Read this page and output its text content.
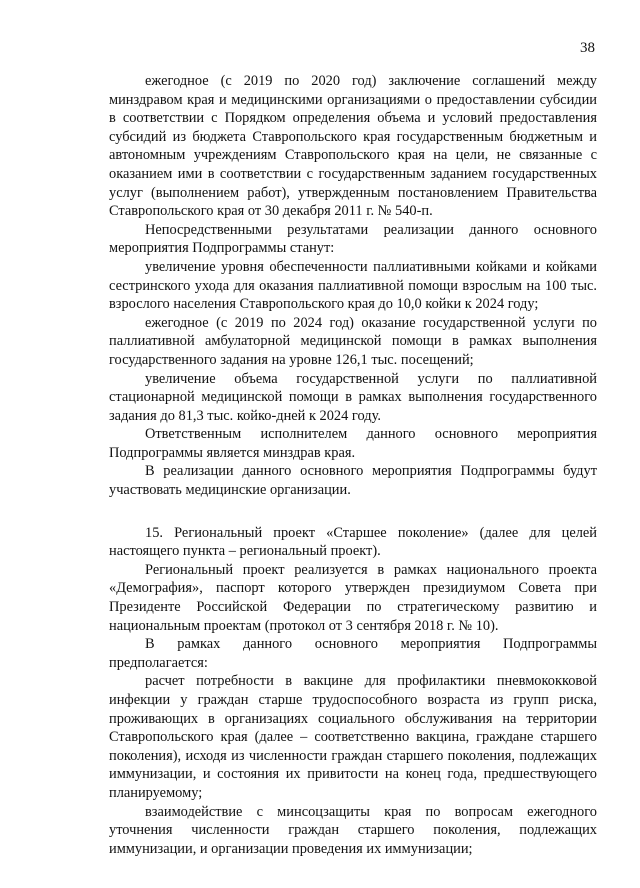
38

ежегодное (с 2019 по 2020 год) заключение соглашений между минздравом края и медицинскими организациями о предоставлении субсидии в соответствии с Порядком определения объема и условий предоставления субсидий из бюджета Ставропольского края государственным бюджетным и автономным учреждениям Ставропольского края на цели, не связанные с оказанием ими в соответствии с государственным заданием государственных услуг (выполнением работ), утвержденным постановлением Правительства Ставропольского края от 30 декабря 2011 г. № 540-п.

Непосредственными результатами реализации данного основного мероприятия Подпрограммы станут:

увеличение уровня обеспеченности паллиативными койками и койками сестринского ухода для оказания паллиативной помощи взрослым на 100 тыс. взрослого населения Ставропольского края до 10,0 койки к 2024 году;

ежегодное (с 2019 по 2024 год) оказание государственной услуги по паллиативной амбулаторной медицинской помощи в рамках выполнения государственного задания на уровне 126,1 тыс. посещений;

увеличение объема государственной услуги по паллиативной стационарной медицинской помощи в рамках выполнения государственного задания до 81,3 тыс. койко-дней к 2024 году.

Ответственным исполнителем данного основного мероприятия Подпрограммы является минздрав края.

В реализации данного основного мероприятия Подпрограммы будут участвовать медицинские организации.

15. Региональный проект «Старшее поколение» (далее для целей настоящего пункта – региональный проект).

Региональный проект реализуется в рамках национального проекта «Демография», паспорт которого утвержден президиумом Совета при Президенте Российской Федерации по стратегическому развитию и национальным проектам (протокол от 3 сентября 2018 г. № 10).

В рамках данного основного мероприятия Подпрограммы предполагается:

расчет потребности в вакцине для профилактики пневмококковой инфекции у граждан старше трудоспособного возраста из групп риска, проживающих в организациях социального обслуживания на территории Ставропольского края (далее – соответственно вакцина, граждане старшего поколения), исходя из численности граждан старшего поколения, подлежащих иммунизации, и состояния их привитости на конец года, предшествующего планируемому;

взаимодействие с минсоцзащиты края по вопросам ежегодного уточнения численности граждан старшего поколения, подлежащих иммунизации, и организации проведения их иммунизации;
